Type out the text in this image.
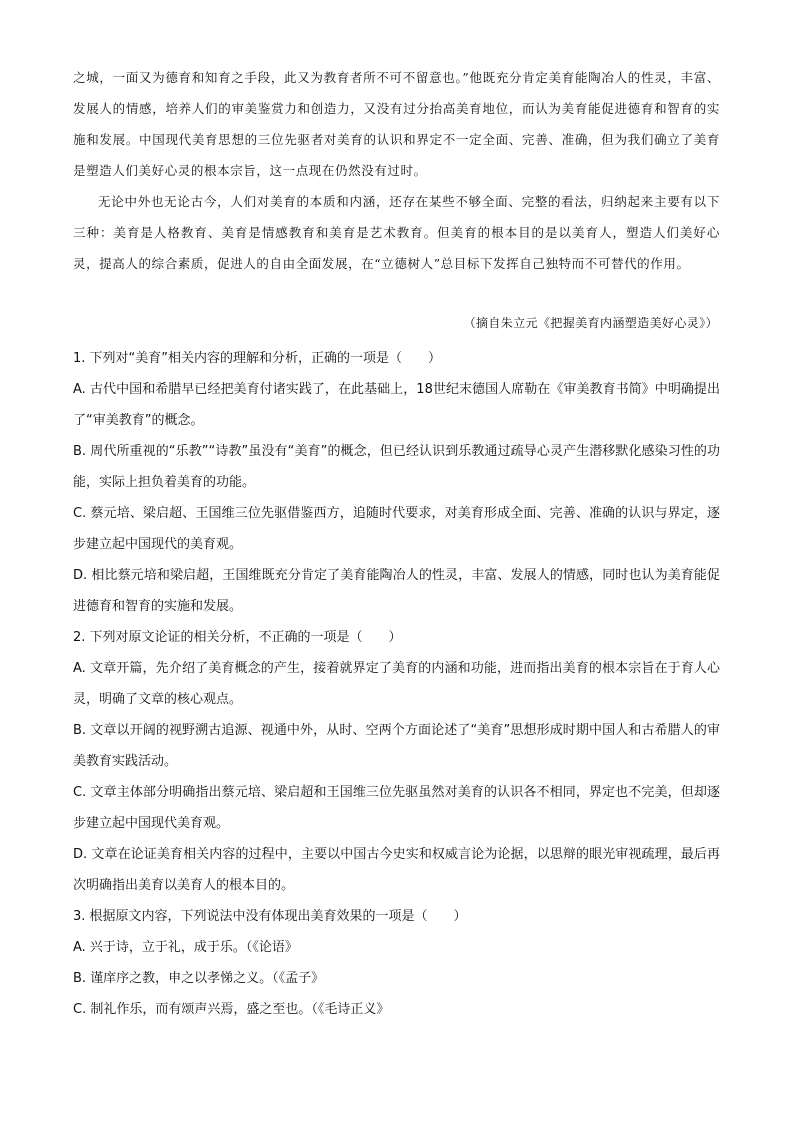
之城，一面又为德育和知育之手段，此又为教育者所不可不留意也。”他既充分肯定美育能陶冶人的性灵，丰富、发展人的情感，培养人们的审美鉴赏力和创造力，又没有过分抬高美育地位，而认为美育能促进德育和智育的实施和发展。中国现代美育思想的三位先驱者对美育的认识和界定不一定全面、完善、准确，但为我们确立了美育是塑造人们美好心灵的根本宗旨，这一点现在仍然没有过时。

无论中外也无论古今，人们对美育的本质和内涵，还存在某些不够全面、完整的看法，归纳起来主要有以下三种：美育是人格教育、美育是情感教育和美育是艺术教育。但美育的根本目的是以美育人，塑造人们美好心灵，提高人的综合素质，促进人的自由全面发展，在“立德树人”总目标下发挥自己独特而不可替代的作用。

（摘自朱立元《把握美育内涵塑造美好心灵》）

1. 下列对“美育”相关内容的理解和分析，正确的一项是（　　）

A. 古代中国和希腊早已经把美育付诸实践了，在此基础上，18世纪末德国人席勒在《审美教育书简》中明确提出了“审美教育”的概念。

B. 周代所重视的“乐教”“诗教”虽没有“美育”的概念，但已经认识到乐教通过疏导心灵产生潜移默化感染习性的功能，实际上担负着美育的功能。

C. 蔡元培、梁启超、王国维三位先驱借鉴西方，追随时代要求，对美育形成全面、完善、准确的认识与界定，逐步建立起中国现代的美育观。

D. 相比蔡元培和梁启超，王国维既充分肯定了美育能陶冶人的性灵，丰富、发展人的情感，同时也认为美育能促进德育和智育的实施和发展。

2. 下列对原文论证的相关分析，不正确的一项是（　　）

A. 文章开篇，先介绍了美育概念的产生，接着就界定了美育的内涵和功能，进而指出美育的根本宗旨在于育人心灵，明确了文章的核心观点。

B. 文章以开阔的视野溯古追源、视通中外，从时、空两个方面论述了“美育”思想形成时期中国人和古希腊人的审美教育实践活动。

C. 文章主体部分明确指出蔡元培、梁启超和王国维三位先驱虽然对美育的认识各不相同，界定也不完美，但却逐步建立起中国现代美育观。

D. 文章在论证美育相关内容的过程中，主要以中国古今史实和权威言论为论据，以思辩的眼光审视疏理，最后再次明确指出美育以美育人的根本目的。

3. 根据原文内容，下列说法中没有体现出美育效果的一项是（　　）

A. 兴于诗，立于礼，成于乐。（《论语》

B. 谨庠序之教，申之以孝悌之义。（《孟子》

C. 制礼作乐，而有颂声兴焉，盛之至也。（《毛诗正义》
